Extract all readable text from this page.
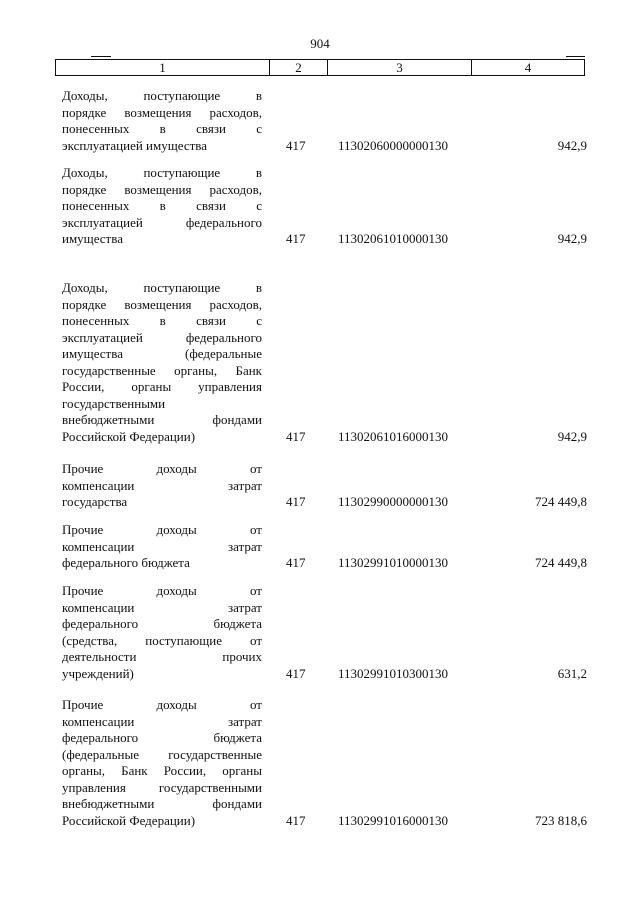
904
1	2	3	4
Доходы, поступающие в
порядке возмещения расходов,
понесенных в связи с
эксплуатацией имущества	417	11302060000000130	942,9
Доходы, поступающие в
порядке возмещения расходов,
понесенных в связи с
эксплуатацией федерального
имущества	417	11302061010000130	942,9
Доходы, поступающие в
порядке возмещения расходов,
понесенных в связи с
эксплуатацией федерального
имущества (федеральные
государственные органы, Банк
России, органы управления
государственными
внебюджетными фондами
Российской Федерации)	417	11302061016000130	942,9
Прочие доходы от
компенсации затрат
государства	417	11302990000000130	724 449,8
Прочие доходы от
компенсации затрат
федерального бюджета	417	11302991010000130	724 449,8
Прочие доходы от
компенсации затрат
федерального бюджета
(средства, поступающие от
деятельности прочих
учреждений)	417	11302991010300130	631,2
Прочие доходы от
компенсации затрат
федерального бюджета
(федеральные государственные
органы, Банк России, органы
управления государственными
внебюджетными фондами
Российской Федерации)	417	11302991016000130	723 818,6
